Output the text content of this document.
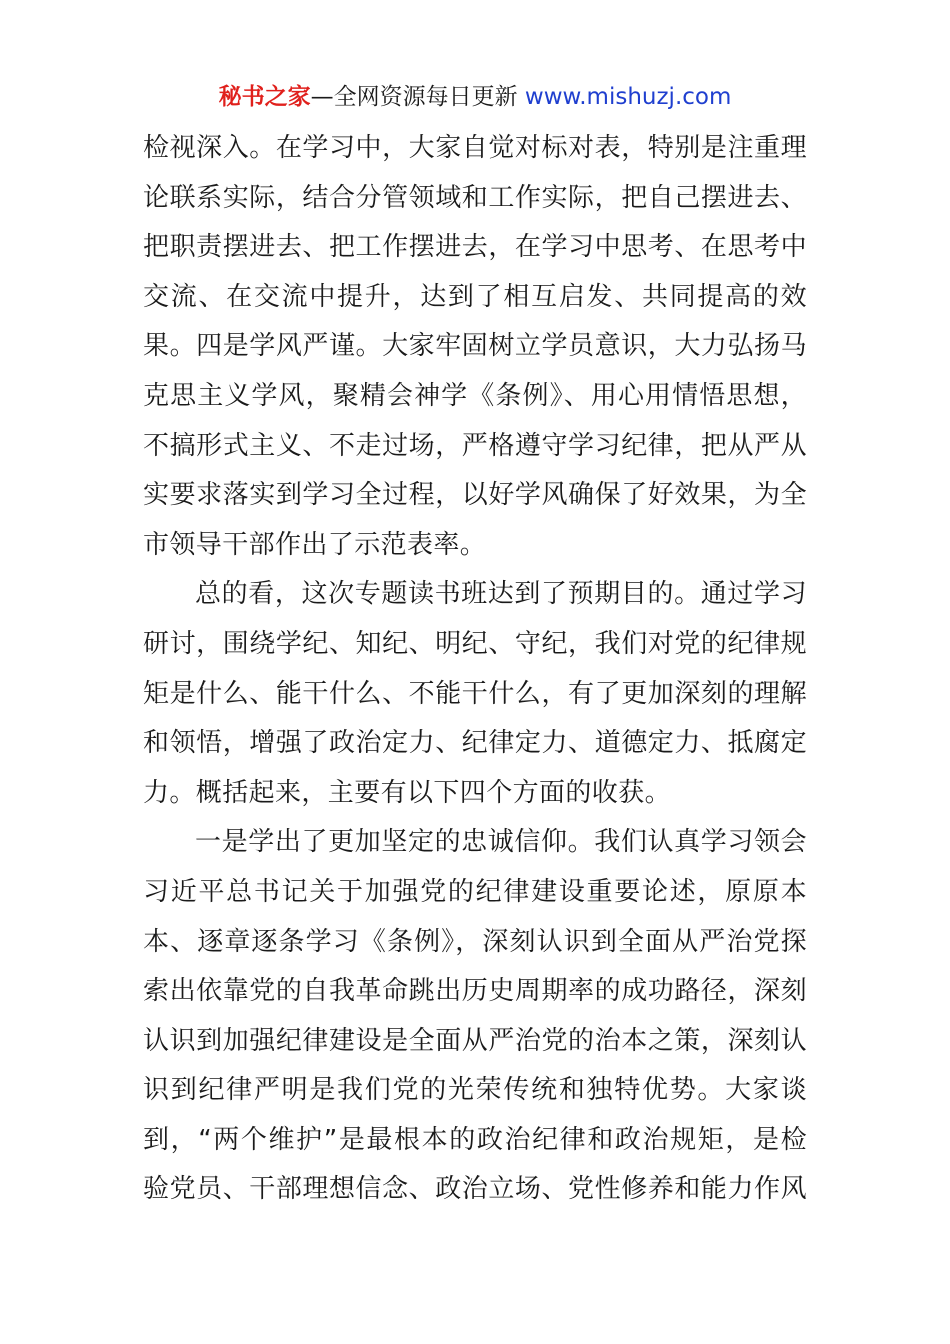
秘书之家—全网资源每日更新 www.mishuzj.com
检视深入。在学习中，大家自觉对标对表，特别是注重理
论联系实际，结合分管领域和工作实际，把自己摆进去、
把职责摆进去、把工作摆进去，在学习中思考、在思考中
交流、在交流中提升，达到了相互启发、共同提高的效
果。四是学风严谨。大家牢固树立学员意识，大力弘扬马
克思主义学风，聚精会神学《条例》、用心用情悟思想，
不搞形式主义、不走过场，严格遵守学习纪律，把从严从
实要求落实到学习全过程，以好学风确保了好效果，为全
市领导干部作出了示范表率。
总的看，这次专题读书班达到了预期目的。通过学习
研讨，围绕学纪、知纪、明纪、守纪，我们对党的纪律规
矩是什么、能干什么、不能干什么，有了更加深刻的理解
和领悟，增强了政治定力、纪律定力、道德定力、抵腐定
力。概括起来，主要有以下四个方面的收获。
一是学出了更加坚定的忠诚信仰。我们认真学习领会
习近平总书记关于加强党的纪律建设重要论述，原原本
本、逐章逐条学习《条例》，深刻认识到全面从严治党探
索出依靠党的自我革命跳出历史周期率的成功路径，深刻
认识到加强纪律建设是全面从严治党的治本之策，深刻认
识到纪律严明是我们党的光荣传统和独特优势。大家谈
到，“两个维护”是最根本的政治纪律和政治规矩，是检
验党员、干部理想信念、政治立场、党性修养和能力作风
